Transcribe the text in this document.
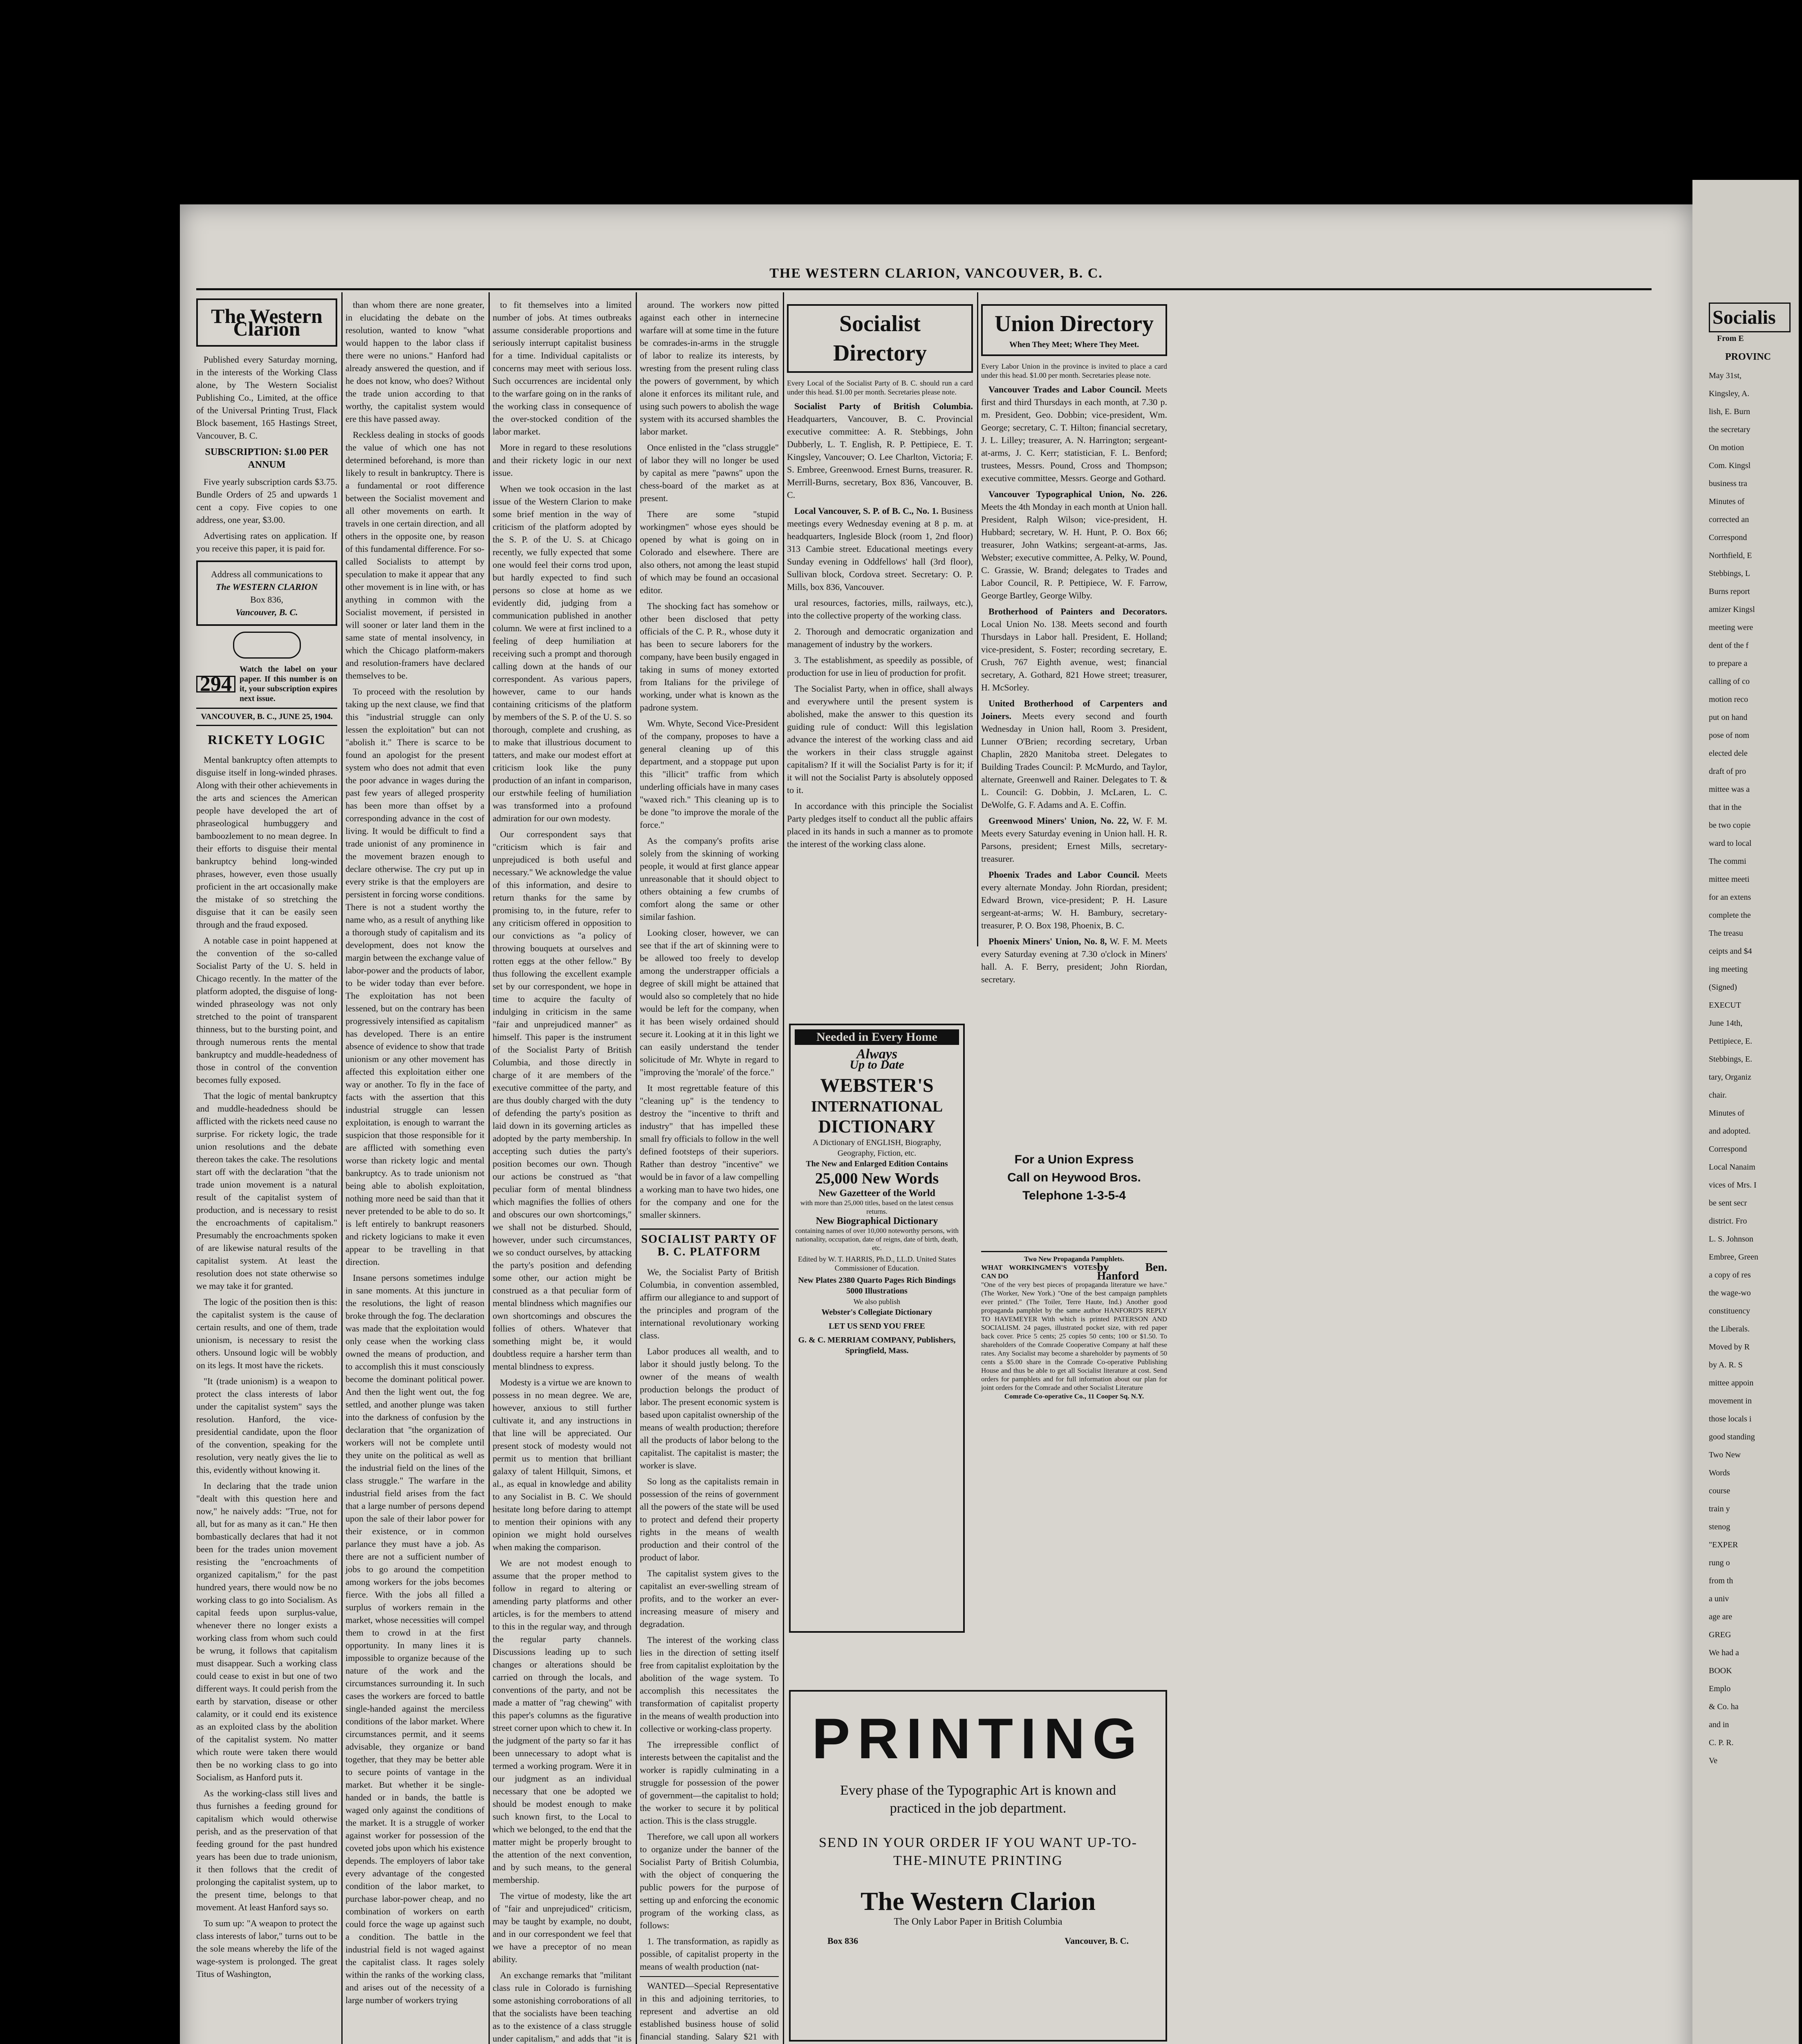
THE WESTERN CLARION, VANCOUVER, B. C.
The Western Clarion

Published every Saturday morning, in the interests of the Working Class alone, by The Western Socialist Publishing Co., Limited, at the office of the Universal Printing Trust, Flack Block basement, 165 Hastings Street, Vancouver, B. C.

SUBSCRIPTION: $1.00 PER ANNUM

Five yearly subscription cards $3.75. Bundle Orders of 25 and upwards 1 cent a copy. Five copies to one address, one year, $3.00.

Advertising rates on application. If you receive this paper, it is paid for.

Address all communications to
The WESTERN CLARION
Box 836,
Vancouver, B. C.
294
Watch the label on your paper. If this number is on it, your subscription expires next issue.
VANCOUVER, B. C., JUNE 25, 1904.
RICKETY LOGIC

Mental bankruptcy often attempts to disguise itself in long-winded phrases. Along with their other achievements in the arts and sciences the American people have developed the art of phraseological humbuggery and bamboozlement to no mean degree. In their efforts to disguise their mental bankruptcy behind long-winded phrases, however, even those usually proficient in the art occasionally make the mistake of so stretching the disguise that it can be easily seen through and the fraud exposed.

A notable case in point happened at the convention of the so-called Socialist Party of the U. S. held in Chicago recently. In the matter of the platform adopted, the disguise of long-winded phraseology was not only stretched to the point of transparent thinness, but to the bursting point, and through numerous rents the mental bankruptcy and muddle-headedness of those in control of the convention becomes fully exposed.

That the logic of mental bankruptcy and muddle-headedness should be afflicted with the rickets need cause no surprise. For rickety logic, the trade union resolutions and the debate thereon takes the cake. The resolutions start off with the declaration "that the trade union movement is a natural result of the capitalist system of production, and is necessary to resist the encroachments of capitalism." Presumably the encroachments spoken of are likewise natural results of the capitalist system. At least the resolution does not state otherwise so we may take it for granted.

The logic of the position then is this: the capitalist system is the cause of certain results, and one of them, trade unionism, is necessary to resist the others. Unsound logic will be wobbly on its legs. It most have the rickets.

"It (trade unionism) is a weapon to protect the class interests of labor under the capitalist system" says the resolution. Hanford, the vice-presidential candidate, upon the floor of the convention, speaking for the resolution, very neatly gives the lie to this, evidently without knowing it.

In declaring that the trade union "dealt with this question here and now," he naively adds: "True, not for all, but for as many as it can." He then bombastically declares that had it not been for the trades union movement resisting the "encroachments of organized capitalism," for the past hundred years, there would now be no working class to go into Socialism. As capital feeds upon surplus-value, whenever there no longer exists a working class from whom such could be wrung, it follows that capitalism must disappear. Such a working class could cease to exist in but one of two different ways. It could perish from the earth by starvation, disease or other calamity, or it could end its existence as an exploited class by the abolition of the capitalist system. No matter which route were taken there would then be no working class to go into Socialism, as Hanford puts it.

As the working-class still lives and thus furnishes a feeding ground for capitalism which would otherwise perish, and as the preservation of that feeding ground for the past hundred years has been due to trade unionism, it then follows that the credit of prolonging the capitalist system, up to the present time, belongs to that movement. At least Hanford says so.

To sum up: "A weapon to protect the class interests of labor," turns out to be the sole means whereby the life of the wage-system is prolonged. The great Titus of Washington,

than whom there are none greater, in elucidating the debate on the resolution, wanted to know "what would happen to the labor class if there were no unions." Hanford had already answered the question, and if he does not know, who does? Without the trade union according to that worthy, the capitalist system would ere this have passed away.

Reckless dealing in stocks of goods the value of which one has not determined beforehand, is more than likely to result in bankruptcy. There is a fundamental or root difference between the Socialist movement and all other movements on earth. It travels in one certain direction, and all others in the opposite one, by reason of this fundamental difference. For so-called Socialists to attempt by speculation to make it appear that any other movement is in line with, or has anything in common with the Socialist movement, if persisted in will sooner or later land them in the same state of mental insolvency, in which the Chicago platform-makers and resolution-framers have declared themselves to be.

To proceed with the resolution by taking up the next clause, we find that this "industrial struggle can only lessen the exploitation" but can not "abolish it." There is scarce to be found an apologist for the present system who does not admit that even the poor advance in wages during the past few years of alleged prosperity has been more than offset by a corresponding advance in the cost of living. It would be difficult to find a trade unionist of any prominence in the movement brazen enough to declare otherwise. The cry put up in every strike is that the employers are persistent in forcing worse conditions. There is not a student worthy the name who, as a result of anything like a thorough study of capitalism and its development, does not know the margin between the exchange value of labor-power and the products of labor, to be wider today than ever before. The exploitation has not been lessened, but on the contrary has been progressively intensified as capitalism has developed. There is an entire absence of evidence to show that trade unionism or any other movement has affected this exploitation either one way or another. To fly in the face of facts with the assertion that this industrial struggle can lessen exploitation, is enough to warrant the suspicion that those responsible for it are afflicted with something even worse than rickety logic and mental bankruptcy. As to trade unionism not being able to abolish exploitation, nothing more need be said than that it never pretended to be able to do so. It is left entirely to bankrupt reasoners and rickety logicians to make it even appear to be travelling in that direction.

Insane persons sometimes indulge in sane moments. At this juncture in the resolutions, the light of reason broke through the fog. The declaration was made that the exploitation would only cease when the working class owned the means of production, and to accomplish this it must consciously become the dominant political power. And then the light went out, the fog settled, and another plunge was taken into the darkness of confusion by the declaration that "the organization of workers will not be complete until they unite on the political as well as the industrial field on the lines of the class struggle." The warfare in the industrial field arises from the fact that a large number of persons depend upon the sale of their labor power for their existence, or in common parlance they must have a job. As there are not a sufficient number of jobs to go around the competition among workers for the jobs becomes fierce. With the jobs all filled a surplus of workers remain in the market, whose necessities will compel them to crowd in at the first opportunity. In many lines it is impossible to organize because of the nature of the work and the circumstances surrounding it. In such cases the workers are forced to battle single-handed against the merciless conditions of the labor market. Where circumstances permit, and it seems advisable, they organize or band together, that they may be better able to secure points of vantage in the market. But whether it be single-handed or in bands, the battle is waged only against the conditions of the market. It is a struggle of worker against worker for possession of the coveted jobs upon which his existence depends. The employers of labor take every advantage of the congested condition of the labor market, to purchase labor-power cheap, and no combination of workers on earth could force the wage up against such a condition. The battle in the industrial field is not waged against the capitalist class. It rages solely within the ranks of the working class, and arises out of the necessity of a large number of workers trying

to fit themselves into a limited number of jobs. At times outbreaks assume considerable proportions and seriously interrupt capitalist business for a time. Individual capitalists or concerns may meet with serious loss. Such occurrences are incidental only to the warfare going on in the ranks of the working class in consequence of the over-stocked condition of the labor market.

More in regard to these resolutions and their rickety logic in our next issue.

When we took occasion in the last issue of the Western Clarion to make some brief mention in the way of criticism of the platform adopted by the S. P. of the U. S. at Chicago recently, we fully expected that some one would feel their corns trod upon, but hardly expected to find such persons so close at home as we evidently did, judging from a communication published in another column. We were at first inclined to a feeling of deep humiliation at receiving such a prompt and thorough calling down at the hands of our correspondent. As various papers, however, came to our hands containing criticisms of the platform by members of the S. P. of the U. S. so thorough, complete and crushing, as to make that illustrious document to tatters, and make our modest effort at criticism look like the puny production of an infant in comparison, our erstwhile feeling of humiliation was transformed into a profound admiration for our own modesty.

Our correspondent says that "criticism which is fair and unprejudiced is both useful and necessary." We acknowledge the value of this information, and desire to return thanks for the same by promising to, in the future, refer to any criticism offered in opposition to our convictions as "a policy of throwing bouquets at ourselves and rotten eggs at the other fellow." By thus following the excellent example set by our correspondent, we hope in time to acquire the faculty of indulging in criticism in the same "fair and unprejudiced manner" as himself. This paper is the instrument of the Socialist Party of British Columbia, and those directly in charge of it are members of the executive committee of the party, and are thus doubly charged with the duty of defending the party's position as laid down in its governing articles as adopted by the party membership. In accepting such duties the party's position becomes our own. Though our actions be construed as "that peculiar form of mental blindness which magnifies the follies of others and obscures our own shortcomings," we shall not be disturbed. Should, however, under such circumstances, we so conduct ourselves, by attacking the party's position and defending some other, our action might be construed as a that peculiar form of mental blindness which magnifies our own shortcomings and obscures the follies of others. Whatever that something might be, it would doubtless require a harsher term than mental blindness to express.

Modesty is a virtue we are known to possess in no mean degree. We are, however, anxious to still further cultivate it, and any instructions in that line will be appreciated. Our present stock of modesty would not permit us to mention that brilliant galaxy of talent Hillquit, Simons, et al., as equal in knowledge and ability to any Socialist in B. C. We should hesitate long before daring to attempt to mention their opinions with any opinion we might hold ourselves when making the comparison.

We are not modest enough to assume that the proper method to follow in regard to altering or amending party platforms and other articles, is for the members to attend to this in the regular way, and through the regular party channels. Discussions leading up to such changes or alterations should be carried on through the locals, and conventions of the party, and not be made a matter of "rag chewing" with this paper's columns as the figurative street corner upon which to chew it. In the judgment of the party so far it has been unnecessary to adopt what is termed a working program. Were it in our judgment as an individual necessary that one be adopted we should be modest enough to make such known first, to the Local to which we belonged, to the end that the matter might be properly brought to the attention of the next convention, and by such means, to the general membership.

The virtue of modesty, like the art of "fair and unprejudiced" criticism, may be taught by example, no doubt, and in our correspondent we feel that we have a preceptor of no mean ability.

An exchange remarks that "militant class rule in Colorado is furnishing some astonishing corroborations of all that the socialists have been teaching as to the existence of a class struggle under capitalism," and adds that "it is

around. The workers now pitted against each other in internecine warfare will at some time in the future be comrades-in-arms in the struggle of labor to realize its interests, by wresting from the present ruling class the powers of government, by which alone it enforces its militant rule, and using such powers to abolish the wage system with its accursed shambles the labor market.

Once enlisted in the "class struggle" of labor they will no longer be used by capital as mere "pawns" upon the chess-board of the market as at present.

There are some "stupid workingmen" whose eyes should be opened by what is going on in Colorado and elsewhere. There are also others, not among the least stupid of which may be found an occasional editor.

The shocking fact has somehow or other been disclosed that petty officials of the C. P. R., whose duty it has been to secure laborers for the company, have been busily engaged in taking in sums of money extorted from Italians for the privilege of working, under what is known as the padrone system.

Wm. Whyte, Second Vice-President of the company, proposes to have a general cleaning up of this department, and a stoppage put upon this "illicit" traffic from which underling officials have in many cases "waxed rich." This cleaning up is to be done "to improve the morale of the force."

As the company's profits arise solely from the skinning of working people, it would at first glance appear unreasonable that it should object to others obtaining a few crumbs of comfort along the same or other similar fashion.

Looking closer, however, we can see that if the art of skinning were to be allowed too freely to develop among the understrapper officials a degree of skill might be attained that would also so completely that no hide would be left for the company, when it has been wisely ordained should secure it. Looking at it in this light we can easily understand the tender solicitude of Mr. Whyte in regard to "improving the 'morale' of the force."

It most regrettable feature of this "cleaning up" is the tendency to destroy the "incentive to thrift and industry" that has impelled these small fry officials to follow in the well defined footsteps of their superiors. Rather than destroy "incentive" we would be in favor of a law compelling a working man to have two hides, one for the company and one for the smaller skinners.

SOCIALIST PARTY OF B. C. PLATFORM

We, the Socialist Party of British Columbia, in convention assembled, affirm our allegiance to and support of the principles and program of the international revolutionary working class.

Labor produces all wealth, and to labor it should justly belong. To the owner of the means of wealth production belongs the product of labor. The present economic system is based upon capitalist ownership of the means of wealth production; therefore all the products of labor belong to the capitalist. The capitalist is master; the worker is slave.

So long as the capitalists remain in possession of the reins of government all the powers of the state will be used to protect and defend their property rights in the means of wealth production and their control of the product of labor.

The capitalist system gives to the capitalist an ever-swelling stream of profits, and to the worker an ever-increasing measure of misery and degradation.

The interest of the working class lies in the direction of setting itself free from capitalist exploitation by the abolition of the wage system. To accomplish this necessitates the transformation of capitalist property in the means of wealth production into collective or working-class property.

The irrepressible conflict of interests between the capitalist and the worker is rapidly culminating in a struggle for possession of the power of government—the capitalist to hold; the worker to secure it by political action. This is the class struggle.

Therefore, we call upon all workers to organize under the banner of the Socialist Party of British Columbia, with the object of conquering the public powers for the purpose of setting up and enforcing the economic program of the working class, as follows:

1. The transformation, as rapidly as possible, of capitalist property in the means of wealth production (nat-

WANTED—Special Representative in this and adjoining territories, to represent and advertise an old established business house of solid financial standing. Salary $21 with

Socialist Directory

Every Local of the Socialist Party of B. C. should run a card under this head. $1.00 per month. Secretaries please note.

Socialist Party of British Columbia. Headquarters, Vancouver, B. C. Provincial executive committee: A. R. Stebbings, John Dubberly, L. T. English, R. P. Pettipiece, E. T. Kingsley, Vancouver; O. Lee Charlton, Victoria; F. S. Embree, Greenwood. Ernest Burns, treasurer. R. Merrill-Burns, secretary, Box 836, Vancouver, B. C.

Local Vancouver, S. P. of B. C., No. 1. Business meetings every Wednesday evening at 8 p. m. at headquarters, Ingleside Block (room 1, 2nd floor) 313 Cambie street. Educational meetings every Sunday evening in Oddfellows' hall (3rd floor), Sullivan block, Cordova street. Secretary: O. P. Mills, box 836, Vancouver.

ural resources, factories, mills, railways, etc.), into the collective property of the working class.

2. Thorough and democratic organization and management of industry by the workers.

3. The establishment, as speedily as possible, of production for use in lieu of production for profit.

The Socialist Party, when in office, shall always and everywhere until the present system is abolished, make the answer to this question its guiding rule of conduct: Will this legislation advance the interest of the working class and aid the workers in their class struggle against capitalism? If it will the Socialist Party is for it; if it will not the Socialist Party is absolutely opposed to it.

In accordance with this principle the Socialist Party pledges itself to conduct all the public affairs placed in its hands in such a manner as to promote the interest of the working class alone.

Union Directory
When They Meet; Where They Meet.

Every Labor Union in the province is invited to place a card under this head. $1.00 per month. Secretaries please note.

Vancouver Trades and Labor Council. Meets first and third Thursdays in each month, at 7.30 p. m. President, Geo. Dobbin; vice-president, Wm. George; secretary, C. T. Hilton; financial secretary, J. L. Lilley; treasurer, A. N. Harrington; sergeant-at-arms, J. C. Kerr; statistician, F. L. Benford; trustees, Messrs. Pound, Cross and Thompson; executive committee, Messrs. George and Gothard.

Vancouver Typographical Union, No. 226. Meets the 4th Monday in each month at Union hall. President, Ralph Wilson; vice-president, H. Hubbard; secretary, W. H. Hunt, P. O. Box 66; treasurer, John Watkins; sergeant-at-arms, Jas. Webster; executive committee, A. Pelky, W. Pound, C. Grassie, W. Brand; delegates to Trades and Labor Council, R. P. Pettipiece, W. F. Farrow, George Bartley, George Wilby.

Brotherhood of Painters and Decorators. Local Union No. 138. Meets second and fourth Thursdays in Labor hall. President, E. Holland; vice-president, S. Foster; recording secretary, E. Crush, 767 Eighth avenue, west; financial secretary, A. Gothard, 821 Howe street; treasurer, H. McSorley.

United Brotherhood of Carpenters and Joiners. Meets every second and fourth Wednesday in Union hall, Room 3. President, Lunner O'Brien; recording secretary, Urban Chaplin, 2820 Manitoba street. Delegates to Building Trades Council: P. McMurdo, and Taylor, alternate, Greenwell and Rainer. Delegates to T. & L. Council: G. Dobbin, J. McLaren, L. C. DeWolfe, G. F. Adams and A. E. Coffin.

Greenwood Miners' Union, No. 22, W. F. M. Meets every Saturday evening in Union hall. H. R. Parsons, president; Ernest Mills, secretary-treasurer.

Phoenix Trades and Labor Council. Meets every alternate Monday. John Riordan, president; Edward Brown, vice-president; P. H. Lasure sergeant-at-arms; W. H. Bambury, secretary-treasurer, P. O. Box 198, Phoenix, B. C.

Phoenix Miners' Union, No. 8, W. F. M. Meets every Saturday evening at 7.30 o'clock in Miners' hall. A. F. Berry, president; John Riordan, secretary.

Needed in Every Home
Always
Up to Date
WEBSTER'S
INTERNATIONAL
DICTIONARY
A Dictionary of ENGLISH, Biography, Geography, Fiction, etc.
The New and Enlarged Edition Contains
25,000 New Words
New Gazetteer of the World
with more than 25,000 titles, based on the latest census returns.
New Biographical Dictionary
containing names of over 10,000 noteworthy persons, with nationality, occupation, date of reigns, date of birth, death, etc.
Edited by W. T. HARRIS, Ph.D., LL.D. United States Commissioner of Education.
New Plates 2380 Quarto Pages Rich Bindings 5000 Illustrations
We also publish
Webster's Collegiate Dictionary
LET US SEND YOU FREE
G. & C. MERRIAM COMPANY, Publishers, Springfield, Mass.
For a Union Express
Call on Heywood Bros.
Telephone 1-3-5-4
Two New Propaganda Pamphlets.
WHAT WORKINGMEN'S VOTES CAN DO
by Ben. Hanford
"One of the very best pieces of propaganda literature we have." (The Worker, New York.) "One of the best campaign pamphlets ever printed." (The Toiler, Terre Haute, Ind.) Another good propaganda pamphlet by the same author HANFORD'S REPLY TO HAVEMEYER With which is printed PATERSON AND SOCIALISM. 24 pages, illustrated pocket size, with red paper back cover. Price 5 cents; 25 copies 50 cents; 100 or $1.50. To shareholders of the Comrade Cooperative Company at half these rates. Any Socialist may become a shareholder by payments of 50 cents a $5.00 share in the Comrade Co-operative Publishing House and thus be able to get all Socialist literature at cost. Send orders for pamphlets and for full information about our plan for joint orders for the Comrade and other Socialist Literature
Comrade Co-operative Co., 11 Cooper Sq. N.Y.
PRINTING
Every phase of the Typographic Art is known and practiced in the job department.
SEND IN YOUR ORDER IF YOU WANT UP-TO-THE-MINUTE PRINTING
The Western Clarion
The Only Labor Paper in British Columbia
Box 836	Vancouver, B. C.
Socialis
From E
PROVINC
May 31st,
Kingsley, A.
lish, E. Burn
the secretary
On motion
Com. Kingsl
business tra
Minutes of
corrected an
Correspond
Northfield, E
Stebbings, L
Burns report
amizer Kingsl
meeting were
dent of the f
to prepare a
calling of co
motion reco
put on hand
pose of nom
elected dele
draft of pro
mittee was a
that in the
be two copie
ward to local
The commi
mittee meeti
for an extens
complete the
The treasu
ceipts and $4
ing meeting
(Signed)
EXECUT
June 14th,
Pettipiece, E.
Stebbings, E.
tary, Organiz
chair.
Minutes of
and adopted.
Correspond
Local Nanaim
vices of Mrs. I
be sent secr
district. Fro
L. S. Johnson
Embree, Green
a copy of res
the wage-wo
constituency
the Liberals.
Moved by R
by A. R. S
mittee appoin
movement in
those locals i
good standing
Two New
Words
course
train y
stenog
"EXPER
rung o
from th
a univ
age are
GREG
We had a
BOOK
Emplo
& Co. ha
and in
C. P. R.
Ve
